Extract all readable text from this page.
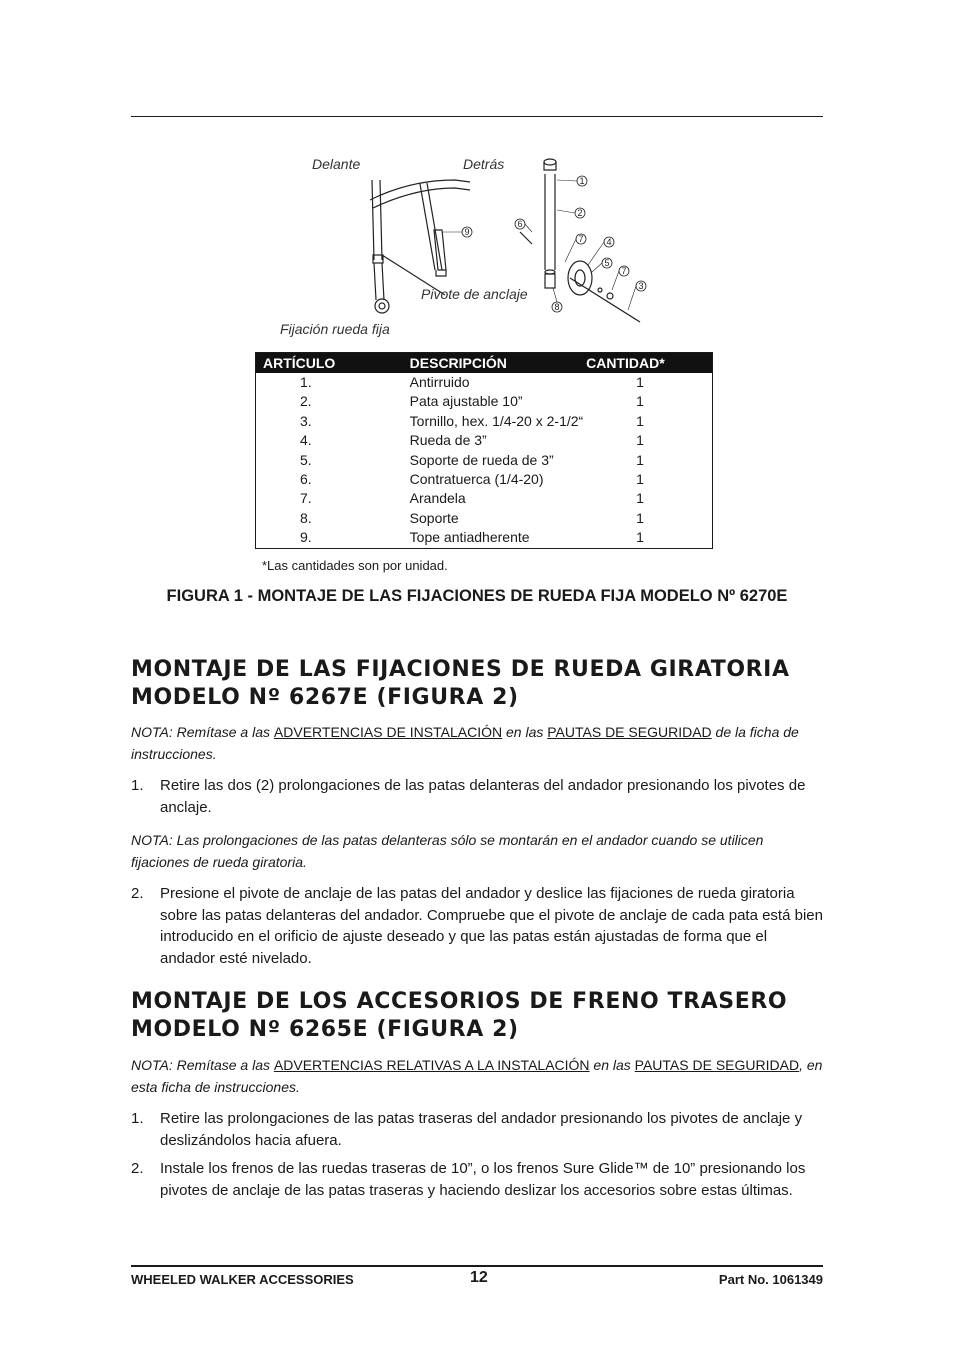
1
2
3
4
5
6
7
7
8
9
Delante	Detrás
Pivote de anclaje
Fijación rueda fija
ARTÍCULO	DESCRIPCIÓN	CANTIDAD*
1.	Antirruido	1
2.	Pata ajustable 10”	1
3.	Tornillo, hex. 1/4-20 x 2-1/2“	1
4.	Rueda de 3”	1
5.	Soporte de rueda de 3”	1
6.	Contratuerca (1/4-20)	1
7.	Arandela	1
8.	Soporte	1
9.	Tope antiadherente	1
*Las cantidades son por unidad.
FIGURA 1 - MONTAJE DE LAS FIJACIONES DE RUEDA FIJA MODELO Nº 6270E
MONTAJE DE LAS FIJACIONES DE RUEDA GIRATORIA MODELO Nº 6267E (FIGURA 2)
NOTA: Remítase a las ADVERTENCIAS DE INSTALACIÓN en las PAUTAS DE SEGURIDAD de la ficha de instrucciones.
1. Retire las dos (2) prolongaciones de las patas delanteras del andador presionando los pivotes de anclaje.
NOTA: Las prolongaciones de las patas delanteras sólo se montarán en el andador cuando se utilicen fijaciones de rueda giratoria.
2. Presione el pivote de anclaje de las patas del andador y deslice las fijaciones de rueda giratoria sobre las patas delanteras del andador. Compruebe que el pivote de anclaje de cada pata está bien introducido en el orificio de ajuste deseado y que las patas están ajustadas de forma que el andador esté nivelado.
MONTAJE DE LOS ACCESORIOS DE FRENO TRASERO MODELO Nº 6265E (FIGURA 2)
NOTA: Remítase a las ADVERTENCIAS RELATIVAS A LA INSTALACIÓN en las PAUTAS DE SEGURIDAD, en esta ficha de instrucciones.
1. Retire las prolongaciones de las patas traseras del andador presionando los pivotes de anclaje y deslizándolos hacia afuera.
2. Instale los frenos de las ruedas traseras de 10”, o los frenos Sure Glide™ de 10” presionando los pivotes de anclaje de las patas traseras y haciendo deslizar los accesorios sobre estas últimas.
WHEELED WALKER ACCESSORIES	12	Part No. 1061349
